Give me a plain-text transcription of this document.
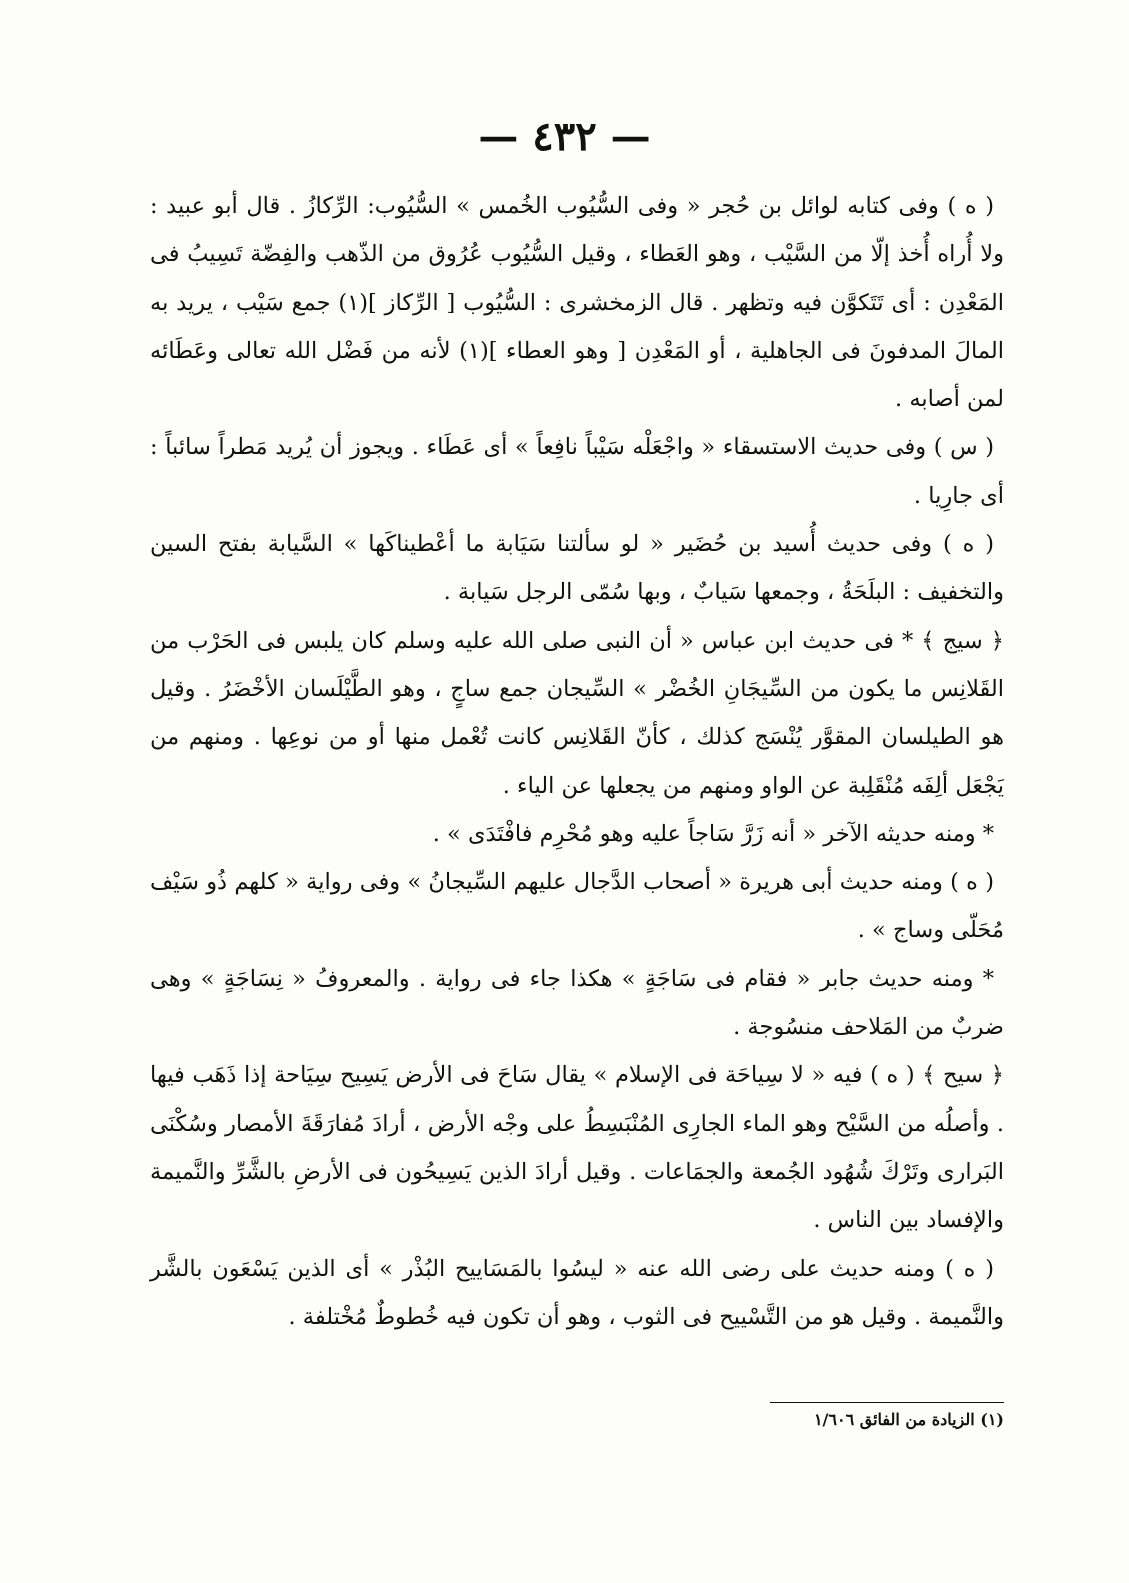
— ٤٣٢ —

( ه ) وفى كتابه لوائل بن حُجر « وفى السُّيُوب الخُمس » السُّيُوب: الرِّكازُ . قال أبو عبيد : ولا أُراه أُخذ إلّا من السَّيْب ، وهو العَطاء ، وقيل السُّيُوب عُرُوق من الذّهب والفِضّة تَسِيبُ فى المَعْدِن : أى تَتَكوَّن فيه وتظهر . قال الزمخشرى : السُّيُوب [ الرِّكاز ](١) جمع سَيْب ، يريد به المالَ المدفونَ فى الجاهلية ، أو المَعْدِن [ وهو العطاء ](١) لأنه من فَضْل الله تعالى وعَطَائه لمن أصابه .

( س ) وفى حديث الاستسقاء « واجْعَلْه سَيْباً نافِعاً » أى عَطَاء . ويجوز أن يُريد مَطراً سائباً : أى جارِيا .

( ه ) وفى حديث أُسيد بن حُضَير « لو سألتنا سَيَابة ما أعْطيناكَها » السَّيابة بفتح السين والتخفيف : البلَحَةُ ، وجمعها سَيابٌ ، وبها سُمّى الرجل سَيابة .

﴿ سيج ﴾ * فى حديث ابن عباس « أن النبى صلى الله عليه وسلم كان يلبس فى الحَرْب من القَلانِس ما يكون من السِّيجَانِ الخُضْر » السِّيجان جمع ساجٍ ، وهو الطَّيْلَسان الأخْضَرُ . وقيل هو الطيلسان المقوَّر يُنْسَج كذلك ، كأنّ القَلانِس كانت تُعْمل منها أو من نوعِها . ومنهم من يَجْعَل ألِفَه مُنْقَلِبة عن الواو ومنهم من يجعلها عن الياء .

* ومنه حديثه الآخر « أنه زَرَّ سَاجاً عليه وهو مُحْرِم فافْتَدَى » .

( ه ) ومنه حديث أبى هريرة « أصحاب الدَّجال عليهم السِّيجانُ » وفى رواية « كلهم ذُو سَيْف مُحَلّى وساج » .

* ومنه حديث جابر « فقام فى سَاجَةٍ » هكذا جاء فى رواية . والمعروفُ « نِسَاجَةٍ » وهى ضربٌ من المَلاحف منسُوجة .

﴿ سيح ﴾ ( ه ) فيه « لا سِياحَة فى الإسلام » يقال سَاحَ فى الأرض يَسِيح سِيَاحة إذا ذَهَب فيها . وأصلُه من السَّيْح وهو الماء الجارِى المُنْبَسِطُ على وجْه الأرض ، أرادَ مُفارَقَةَ الأمصار وسُكْنَى البَرارى وتَرْكَ شُهُود الجُمعة والجمَاعات . وقيل أرادَ الذين يَسِيحُون فى الأرضِ بالشَّرِّ والنَّميمة والإفساد بين الناس .

( ه ) ومنه حديث على رضى الله عنه « ليسُوا بالمَسَاييح البُذْر » أى الذين يَسْعَون بالشَّر والنَّميمة . وقيل هو من التَّسْييح فى الثوب ، وهو أن تكون فيه خُطوطٌ مُخْتلفة .

(١) الزيادة من الفائق ١/٦٠٦
